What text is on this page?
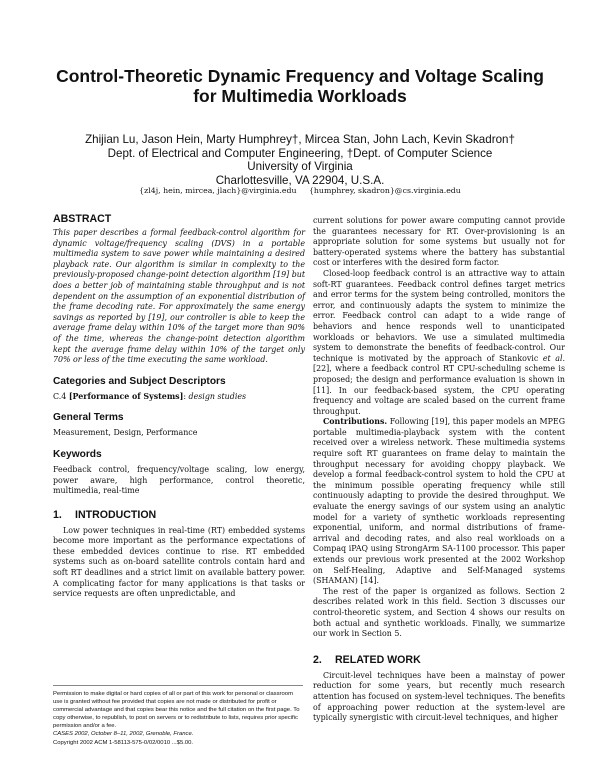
Control-Theoretic Dynamic Frequency and Voltage Scaling
for Multimedia Workloads
Zhijian Lu, Jason Hein, Marty Humphrey†, Mircea Stan, John Lach, Kevin Skadron†
Dept. of Electrical and Computer Engineering, †Dept. of Computer Science
University of Virginia
Charlottesville, VA 22904, U.S.A.
{zl4j, hein, mircea, jlach}@virginia.edu {humphrey, skadron}@cs.virginia.edu
ABSTRACT

This paper describes a formal feedback-control algorithm for dynamic voltage/frequency scaling (DVS) in a portable multimedia system to save power while maintaining a desired playback rate. Our algorithm is similar in complexity to the previously-proposed change-point detection algorithm [19] but does a better job of maintaining stable throughput and is not dependent on the assumption of an exponential distribution of the frame decoding rate. For approximately the same energy savings as reported by [19], our controller is able to keep the average frame delay within 10% of the target more than 90% of the time, whereas the change-point detection algorithm kept the average frame delay within 10% of the target only 70% or less of the time executing the same workload.

Categories and Subject Descriptors

C.4 [Performance of Systems]: design studies

General Terms

Measurement, Design, Performance

Keywords

Feedback control, frequency/voltage scaling, low energy, power aware, high performance, control theoretic, multimedia, real-time

1. INTRODUCTION

Low power techniques in real-time (RT) embedded systems become more important as the performance expectations of these embedded devices continue to rise. RT embedded systems such as on-board satellite controls contain hard and soft RT deadlines and a strict limit on available battery power. A complicating factor for many applications is that tasks or service requests are often unpredictable, and

Permission to make digital or hard copies of all or part of this work for personal or classroom use is granted without fee provided that copies are not made or distributed for profit or commercial advantage and that copies bear this notice and the full citation on the first page. To copy otherwise, to republish, to post on servers or to redistribute to lists, requires prior specific permission and/or a fee.

CASES 2002, October 8–11, 2002, Grenoble, France.

Copyright 2002 ACM 1-58113-575-0/02/0010 ...$5.00.

current solutions for power aware computing cannot provide the guarantees necessary for RT. Over-provisioning is an appropriate solution for some systems but usually not for battery-operated systems where the battery has substantial cost or interferes with the desired form factor.

Closed-loop feedback control is an attractive way to attain soft-RT guarantees. Feedback control defines target metrics and error terms for the system being controlled, monitors the error, and continuously adapts the system to minimize the error. Feedback control can adapt to a wide range of behaviors and hence responds well to unanticipated workloads or behaviors. We use a simulated multimedia system to demonstrate the benefits of feedback-control. Our technique is motivated by the approach of Stankovic et al. [22], where a feedback control RT CPU-scheduling scheme is proposed; the design and performance evaluation is shown in [11]. In our feedback-based system, the CPU operating frequency and voltage are scaled based on the current frame throughput.

Contributions. Following [19], this paper models an MPEG portable multimedia-playback system with the content received over a wireless network. These multimedia systems require soft RT guarantees on frame delay to maintain the throughput necessary for avoiding choppy playback. We develop a formal feedback-control system to hold the CPU at the minimum possible operating frequency while still continuously adapting to provide the desired throughput. We evaluate the energy savings of our system using an analytic model for a variety of synthetic workloads representing exponential, uniform, and normal distributions of frame-arrival and decoding rates, and also real workloads on a Compaq iPAQ using StrongArm SA-1100 processor. This paper extends our previous work presented at the 2002 Workshop on Self-Healing, Adaptive and Self-Managed systems (SHAMAN) [14].

The rest of the paper is organized as follows. Section 2 describes related work in this field. Section 3 discusses our control-theoretic system, and Section 4 shows our results on both actual and synthetic workloads. Finally, we summarize our work in Section 5.

2. RELATED WORK

Circuit-level techniques have been a mainstay of power reduction for some years, but recently much research attention has focused on system-level techniques. The benefits of approaching power reduction at the system-level are typically synergistic with circuit-level techniques, and higher
